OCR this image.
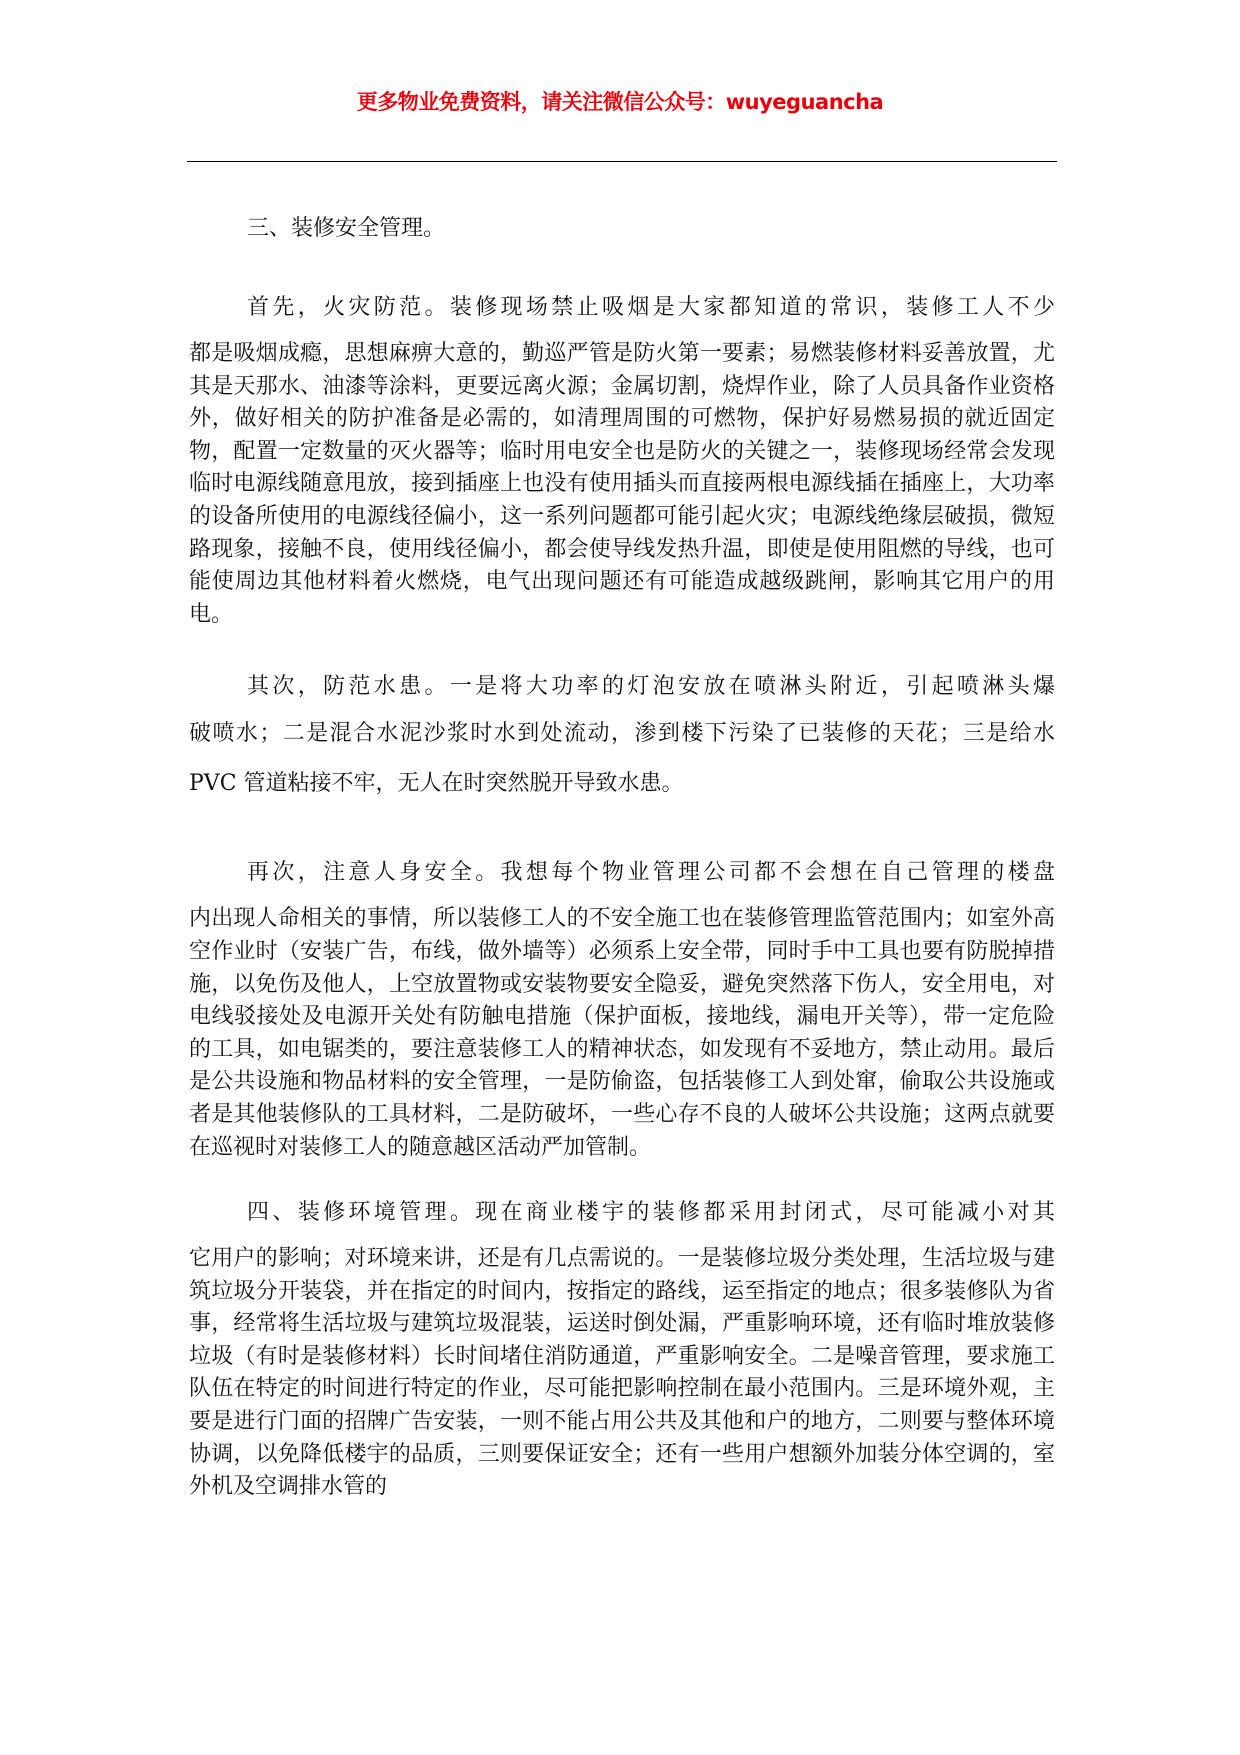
更多物业免费资料，请关注微信公众号：wuyeguancha

三、装修安全管理。

首先，火灾防范。装修现场禁止吸烟是大家都知道的常识，装修工人不少
都是吸烟成瘾，思想麻痹大意的，勤巡严管是防火第一要素；易燃装修材料妥善放置，尤其是天那水、油漆等涂料，更要远离火源；金属切割，烧焊作业，除了人员具备作业资格外，做好相关的防护准备是必需的，如清理周围的可燃物，保护好易燃易损的就近固定物，配置一定数量的灭火器等；临时用电安全也是防火的关键之一，装修现场经常会发现临时电源线随意甩放，接到插座上也没有使用插头而直接两根电源线插在插座上，大功率的设备所使用的电源线径偏小，这一系列问题都可能引起火灾；电源线绝缘层破损，微短路现象，接触不良，使用线径偏小，都会使导线发热升温，即使是使用阻燃的导线，也可能使周边其他材料着火燃烧，电气出现问题还有可能造成越级跳闸，影响其它用户的用电。
其次，防范水患。一是将大功率的灯泡安放在喷淋头附近，引起喷淋头爆
破喷水；二是混合水泥沙浆时水到处流动，渗到楼下污染了已装修的天花；三是给水 PVC 管道粘接不牢，无人在时突然脱开导致水患。
再次，注意人身安全。我想每个物业管理公司都不会想在自己管理的楼盘
内出现人命相关的事情，所以装修工人的不安全施工也在装修管理监管范围内；如室外高空作业时（安装广告，布线，做外墙等）必须系上安全带，同时手中工具也要有防脱掉措施，以免伤及他人，上空放置物或安装物要安全隐妥，避免突然落下伤人，安全用电，对电线驳接处及电源开关处有防触电措施（保护面板，接地线，漏电开关等），带一定危险的工具，如电锯类的，要注意装修工人的精神状态，如发现有不妥地方，禁止动用。最后是公共设施和物品材料的安全管理，一是防偷盗，包括装修工人到处窜，偷取公共设施或者是其他装修队的工具材料，二是防破坏，一些心存不良的人破坏公共设施；这两点就要在巡视时对装修工人的随意越区活动严加管制。
四、装修环境管理。现在商业楼宇的装修都采用封闭式，尽可能减小对其
它用户的影响；对环境来讲，还是有几点需说的。一是装修垃圾分类处理，生活垃圾与建筑垃圾分开装袋，并在指定的时间内，按指定的路线，运至指定的地点；很多装修队为省事，经常将生活垃圾与建筑垃圾混装，运送时倒处漏，严重影响环境，还有临时堆放装修垃圾（有时是装修材料）长时间堵住消防通道，严重影响安全。二是噪音管理，要求施工队伍在特定的时间进行特定的作业，尽可能把影响控制在最小范围内。三是环境外观，主要是进行门面的招牌广告安装，一则不能占用公共及其他和户的地方，二则要与整体环境协调，以免降低楼宇的品质，三则要保证安全；还有一些用户想额外加装分体空调的，室外机及空调排水管的
